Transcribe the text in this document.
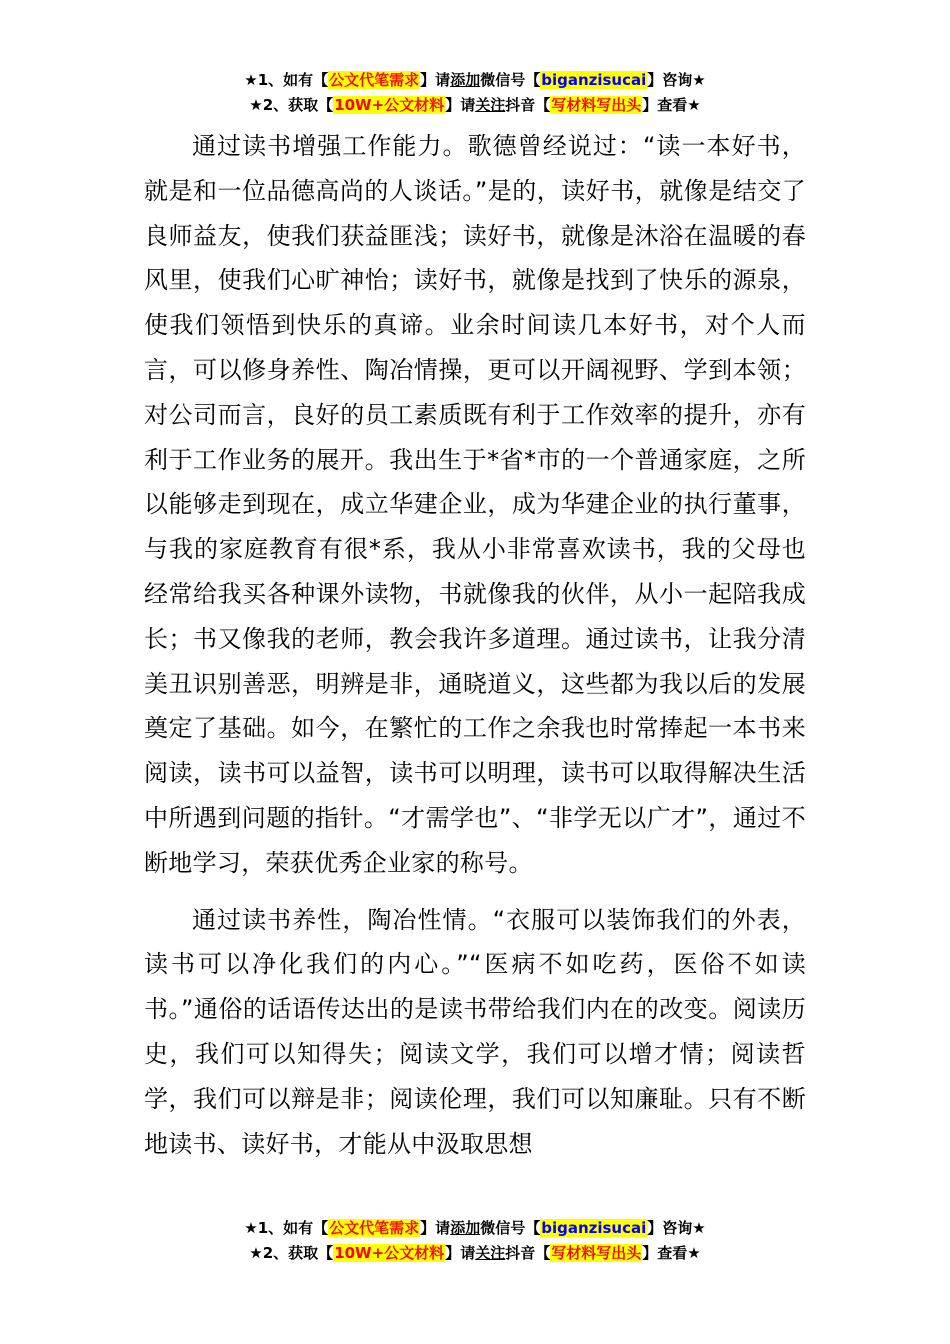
★1、如有【公文代笔需求】请添加微信号【biganzisucai】咨询★
★2、获取【10W+公文材料】请关注抖音【写材料写出头】查看★

通过读书增强工作能力。歌德曾经说过：“读一本好书，就是和一位品德高尚的人谈话。”是的，读好书，就像是结交了良师益友，使我们获益匪浅；读好书，就像是沐浴在温暖的春风里，使我们心旷神怡；读好书，就像是找到了快乐的源泉，使我们领悟到快乐的真谛。业余时间读几本好书，对个人而言，可以修身养性、陶冶情操，更可以开阔视野、学到本领；对公司而言，良好的员工素质既有利于工作效率的提升，亦有利于工作业务的展开。我出生于*省*市的一个普通家庭，之所以能够走到现在，成立华建企业，成为华建企业的执行董事，与我的家庭教育有很*系，我从小非常喜欢读书，我的父母也经常给我买各种课外读物，书就像我的伙伴，从小一起陪我成长；书又像我的老师，教会我许多道理。通过读书，让我分清美丑识别善恶，明辨是非，通晓道义，这些都为我以后的发展奠定了基础。如今，在繁忙的工作之余我也时常捧起一本书来阅读，读书可以益智，读书可以明理，读书可以取得解决生活中所遇到问题的指针。“才需学也”、“非学无以广才”，通过不断地学习，荣获优秀企业家的称号。

通过读书养性，陶冶性情。“衣服可以装饰我们的外表，读书可以净化我们的内心。”“医病不如吃药，医俗不如读书。”通俗的话语传达出的是读书带给我们内在的改变。阅读历史，我们可以知得失；阅读文学，我们可以增才情；阅读哲学，我们可以辩是非；阅读伦理，我们可以知廉耻。只有不断地读书、读好书，才能从中汲取思想

★1、如有【公文代笔需求】请添加微信号【biganzisucai】咨询★
★2、获取【10W+公文材料】请关注抖音【写材料写出头】查看★
